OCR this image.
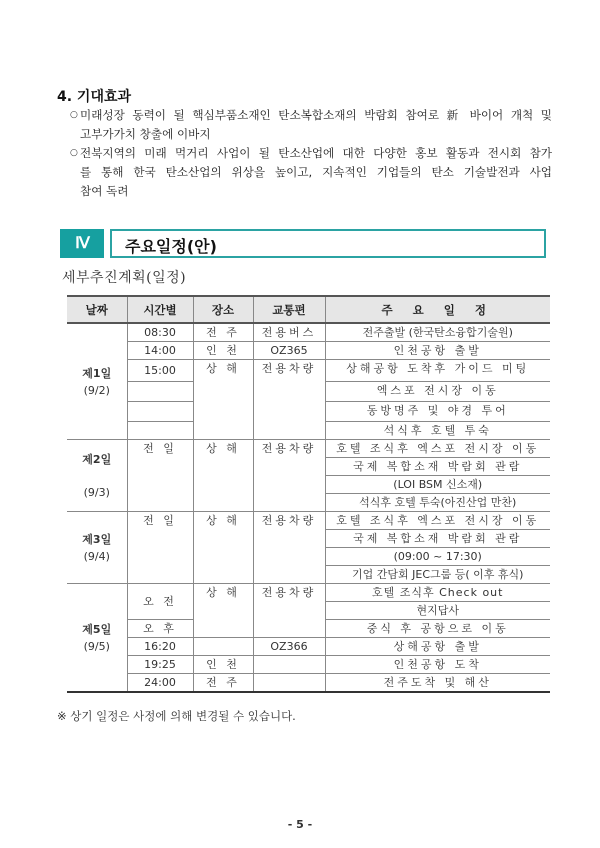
4. 기대효과
○ 미래성장 동력이 될 핵심부품소재인 탄소복합소재의 박람회 참여로 新 바이어 개척 및
고부가가치 창출에 이바지
○ 전북지역의 미래 먹거리 사업이 될 탄소산업에 대한 다양한 홍보 활동과 전시회 참가
를 통해 한국 탄소산업의 위상을 높이고, 지속적인 기업들의 탄소 기술발전과 사업
참여 독려
Ⅳ	주요일정(안)
세부추진계획(일정)
날짜	시간별	장소	교통편	주 요 일 정

제1일
(9/2)	08:30	전 주	전용버스	전주출발 (한국탄소융합기술원)
	14:00	인 천	OZ365	인천공항 출발
	15:00	상 해	전용차량	상해공항 도착후 가이드 미팅
				엑스포 전시장 이동
				동방명주 및 야경 투어
				석식후 호텔 투숙

제2일
(9/3)	전 일	상 해	전용차량	호텔 조식후 엑스포 전시장 이동
				국제 복합소재 박람회 관람
				(LOI BSM 신소재)
				석식후 호텔 투숙(아진산업 만찬)

제3일
(9/4)	전 일	상 해	전용차량	호텔 조식후 엑스포 전시장 이동
				국제 복합소재 박람회 관람
				(09:00 ~ 17:30)
				기업 간담회 JEC그룹 등( 이후 휴식)

제5일
(9/5)	오 전	상 해	전용차량	호텔 조식후 Check out
				현지답사
	오 후			중식 후 공항으로 이동
	16:20		OZ366	상해공항 출발
	19:25	인 천		인천공항 도착
	24:00	전 주		전주도착 및 해산
※ 상기 일정은 사정에 의해 변경될 수 있습니다.
- 5 -
